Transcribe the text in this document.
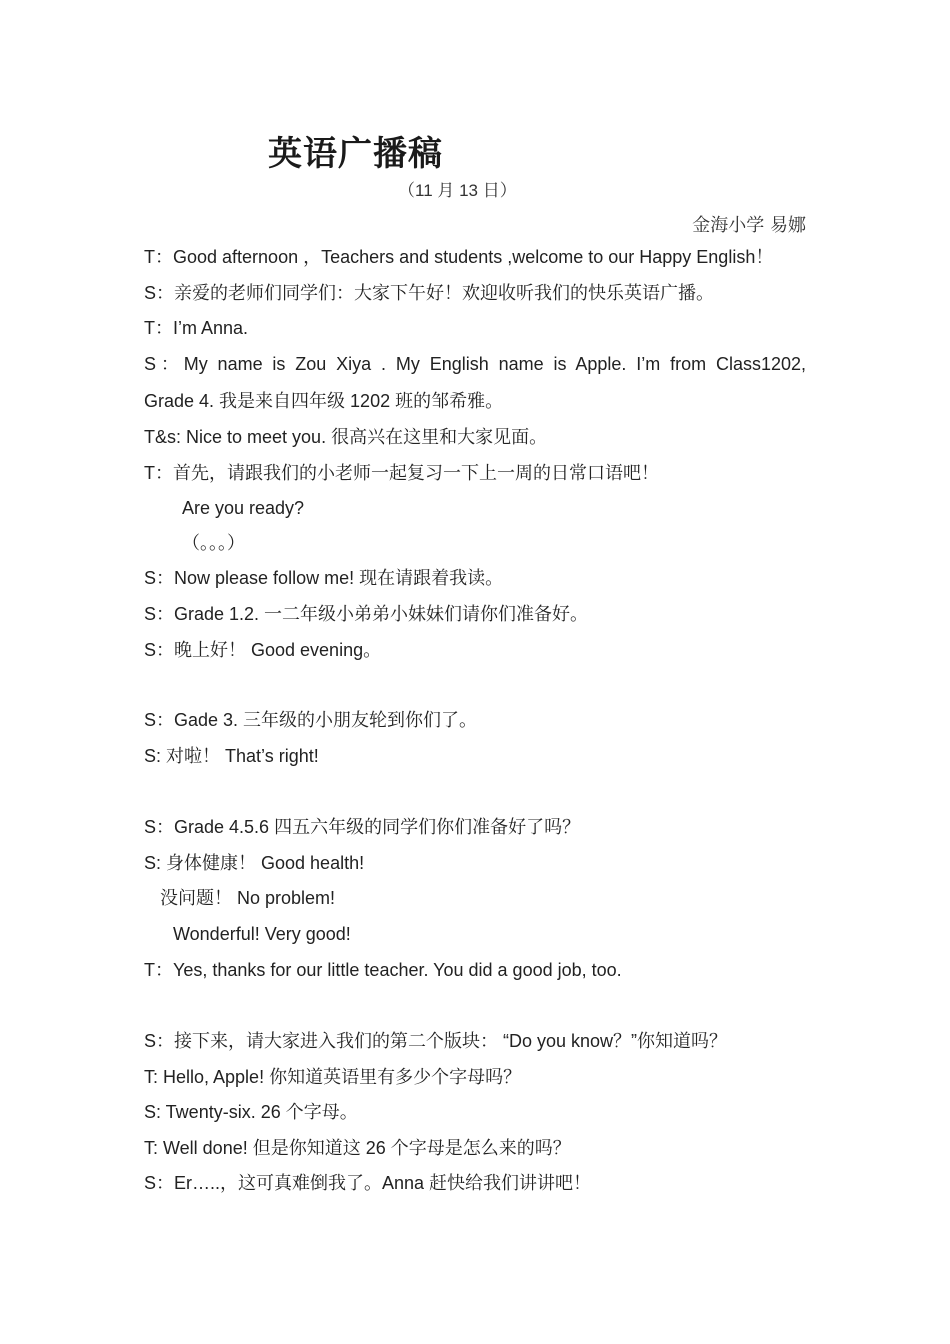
英语广播稿
（11 月 13 日）
金海小学 易娜
T：Good afternoon ，Teachers and students ,welcome to our Happy English！
S：亲爱的老师们同学们：大家下午好！欢迎收听我们的快乐英语广播。
T：I’m Anna.
S：My name is Zou Xiya . My English name is Apple. I’m from Class1202,
Grade 4. 我是来自四年级 1202 班的邹希雅。
T&s: Nice to meet you. 很高兴在这里和大家见面。
T：首先，请跟我们的小老师一起复习一下上一周的日常口语吧！
Are you ready?
（。。。）
S：Now please follow me! 现在请跟着我读。
S：Grade 1.2. 一二年级小弟弟小妹妹们请你们准备好。
S：晚上好！ Good evening。
S：Gade 3. 三年级的小朋友轮到你们了。
S: 对啦！ That’s right!
S：Grade 4.5.6 四五六年级的同学们你们准备好了吗？
S: 身体健康！ Good health!
没问题！ No problem!
Wonderful! Very good!
T：Yes, thanks for our little teacher. You did a good job, too.
S：接下来，请大家进入我们的第二个版块： “Do you know？”你知道吗？
T: Hello, Apple! 你知道英语里有多少个字母吗？
S: Twenty-six. 26 个字母。
T: Well done! 但是你知道这 26 个字母是怎么来的吗？
S：Er…..，这可真难倒我了。Anna 赶快给我们讲讲吧！
